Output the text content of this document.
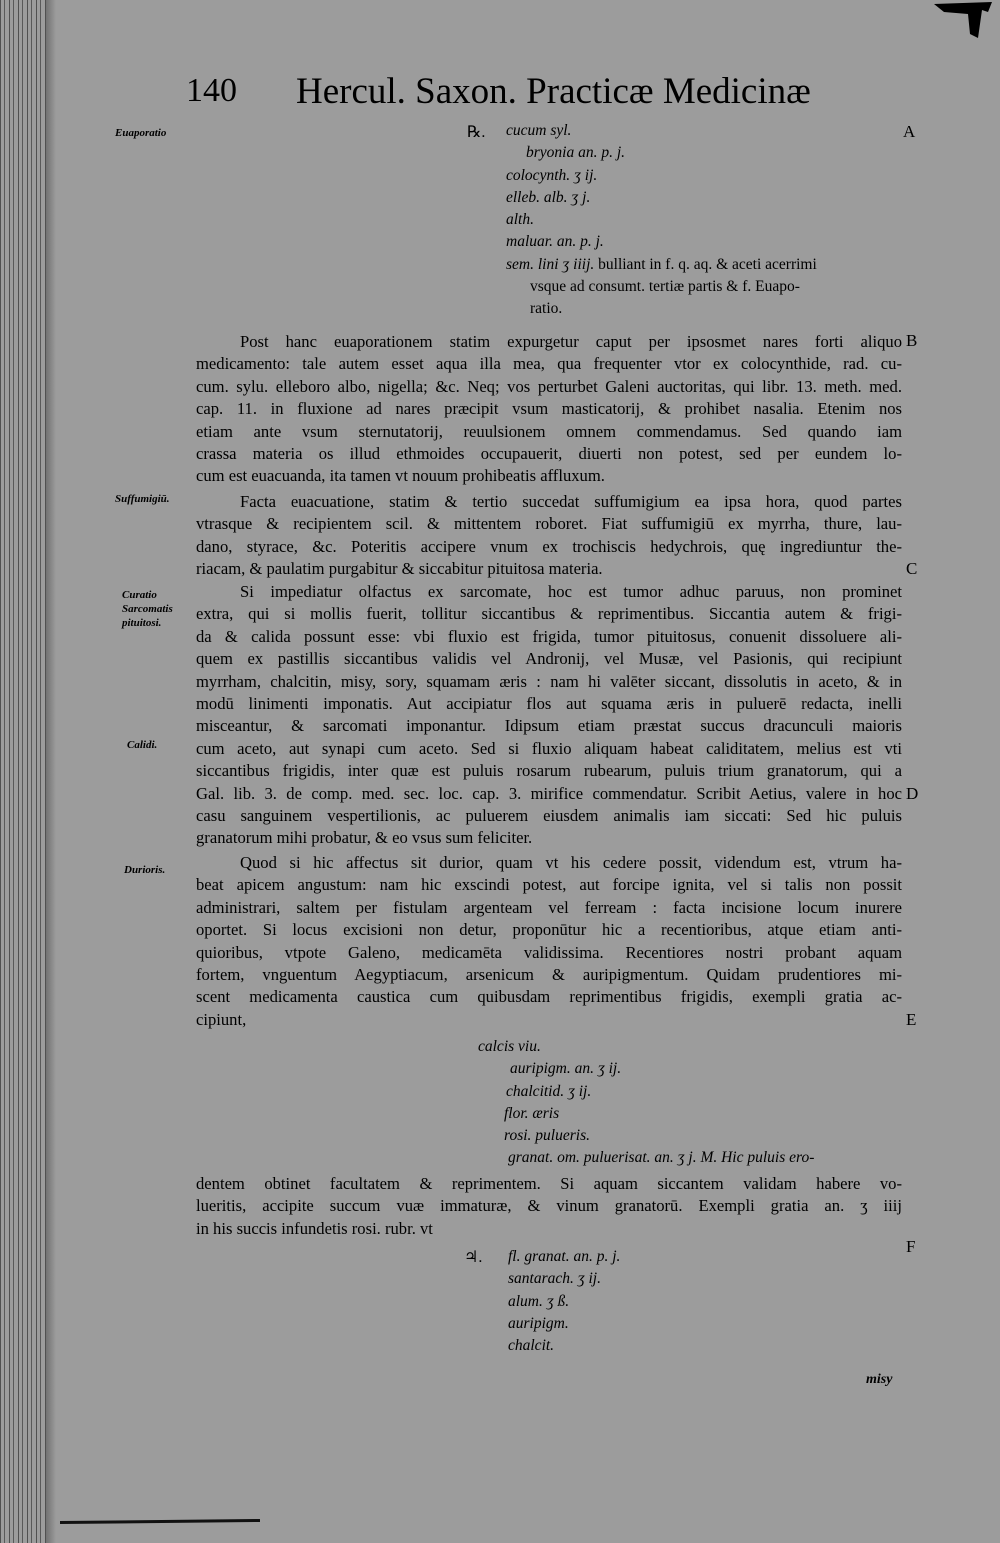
140 Hercul. Saxon. Practicæ Medicinæ
A
B
C
D
E
F
Euaporatio
Suffumigiū.
Curatio Sarcomatis pituitosi.
Calidi.
Durioris.
℞. cucum syl.
bryonia an. p. j.
colocynth. ʒ ij.
elleb. alb. ʒ j.
alth.
maluar. an. p. j.
sem. lini ʒ iiij. bulliant in f. q. aq. & aceti acerrimi
vsque ad consumt. tertiæ partis & f. Euapo-
ratio.
Post hanc euaporationem statim expurgetur caput per ipsosmet nares forti aliquo
medicamento: tale autem esset aqua illa mea, qua frequenter vtor ex colocynthide, rad. cu-
cum. sylu. elleboro albo, nigella; &c. Neq; vos perturbet Galeni auctoritas, qui libr. 13. meth. med.
cap. 11. in fluxione ad nares præcipit vsum masticatorij, & prohibet nasalia. Etenim nos
etiam ante vsum sternutatorij, reuulsionem omnem commendamus. Sed quando iam
crassa materia os illud ethmoides occupauerit, diuerti non potest, sed per eundem lo-
cum est euacuanda, ita tamen vt nouum prohibeatis affluxum.
Facta euacuatione, statim & tertio succedat suffumigium ea ipsa hora, quod partes
vtrasque & recipientem scil. & mittentem roboret. Fiat suffumigiū ex myrrha, thure, lau-
dano, styrace, &c. Poteritis accipere vnum ex trochiscis hedychrois, quę ingrediuntur the-
riacam, & paulatim purgabitur & siccabitur pituitosa materia.
Si impediatur olfactus ex sarcomate, hoc est tumor adhuc paruus, non prominet
extra, qui si mollis fuerit, tollitur siccantibus & reprimentibus. Siccantia autem & frigi-
da & calida possunt esse: vbi fluxio est frigida, tumor pituitosus, conuenit dissoluere ali-
quem ex pastillis siccantibus validis vel Andronij, vel Musæ, vel Pasionis, qui recipiunt
myrrham, chalcitin, misy, sory, squamam æris : nam hi valēter siccant, dissolutis in aceto, & in
modū linimenti imponatis. Aut accipiatur flos aut squama æris in puluerē redacta, inelli
misceantur, & sarcomati imponantur. Idipsum etiam præstat succus dracunculi maioris
cum aceto, aut synapi cum aceto. Sed si fluxio aliquam habeat caliditatem, melius est vti
siccantibus frigidis, inter quæ est puluis rosarum rubearum, puluis trium granatorum, qui a
Gal. lib. 3. de comp. med. sec. loc. cap. 3. mirifice commendatur. Scribit Aetius, valere in hoc
casu sanguinem vespertilionis, ac puluerem eiusdem animalis iam siccati: Sed hic puluis
granatorum mihi probatur, & eo vsus sum feliciter.
Quod si hic affectus sit durior, quam vt his cedere possit, videndum est, vtrum ha-
beat apicem angustum: nam hic exscindi potest, aut forcipe ignita, vel si talis non possit
administrari, saltem per fistulam argenteam vel ferream : facta incisione locum inurere
oportet. Si locus excisioni non detur, proponūtur hic a recentioribus, atque etiam anti-
quioribus, vtpote Galeno, medicamēta validissima. Recentiores nostri probant aquam
fortem, vnguentum Aegyptiacum, arsenicum & auripigmentum. Quidam prudentiores mi-
scent medicamenta caustica cum quibusdam reprimentibus frigidis, exempli gratia ac-
cipiunt,
calcis viu.
auripigm. an. ʒ ij.
chalcitid. ʒ ij.
flor. æris
rosi. pulueris.
granat. om. puluerisat. an. ʒ j. M. Hic puluis ero-
dentem obtinet facultatem & reprimentem. Si aquam siccantem validam habere vo-
lueritis, accipite succum vuæ immaturæ, & vinum granatorū. Exempli gratia an. ʒ iiij
in his succis infundetis rosi. rubr. vt
♃. fl. granat. an. p. j.
santarach. ʒ ij.
alum. ʒ ß.
auripigm.
chalcit.
misy
